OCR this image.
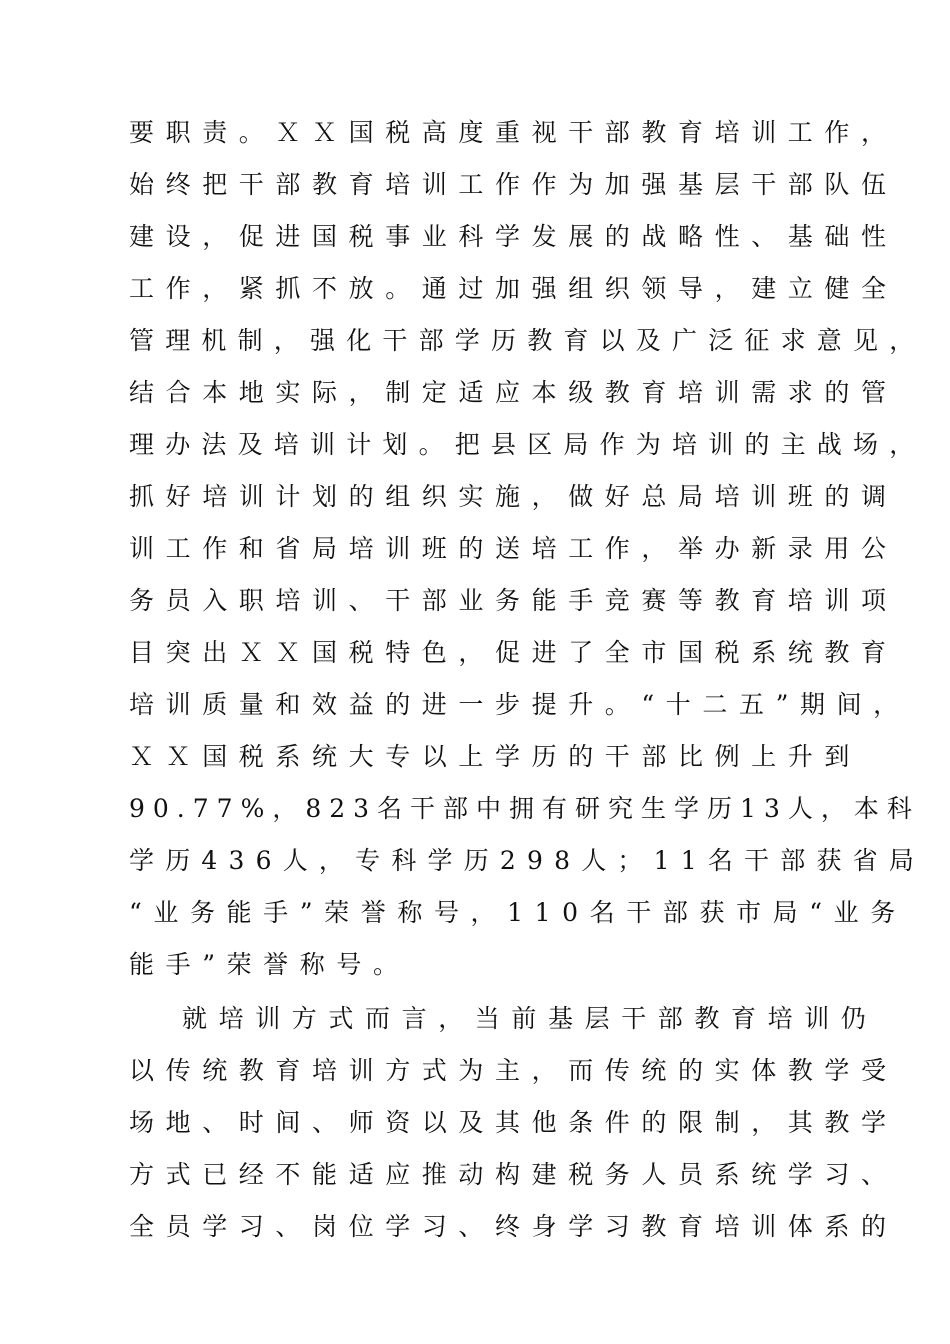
要职责。ＸＸ国税高度重视干部教育培训工作，
始终把干部教育培训工作作为加强基层干部队伍
建设，促进国税事业科学发展的战略性、基础性
工作，紧抓不放。通过加强组织领导，建立健全
管理机制，强化干部学历教育以及广泛征求意见，
结合本地实际，制定适应本级教育培训需求的管
理办法及培训计划。把县区局作为培训的主战场，
抓好培训计划的组织实施，做好总局培训班的调
训工作和省局培训班的送培工作，举办新录用公
务员入职培训、干部业务能手竞赛等教育培训项
目突出ＸＸ国税特色，促进了全市国税系统教育
培训质量和效益的进一步提升。“十二五”期间，
ＸＸ国税系统大专以上学历的干部比例上升到
90.77%，823名干部中拥有研究生学历13人，本科
学历436人，专科学历298人；11名干部获省局
“业务能手”荣誉称号，110名干部获市局“业务
能手”荣誉称号。
就培训方式而言，当前基层干部教育培训仍
以传统教育培训方式为主，而传统的实体教学受
场地、时间、师资以及其他条件的限制，其教学
方式已经不能适应推动构建税务人员系统学习、
全员学习、岗位学习、终身学习教育培训体系的
